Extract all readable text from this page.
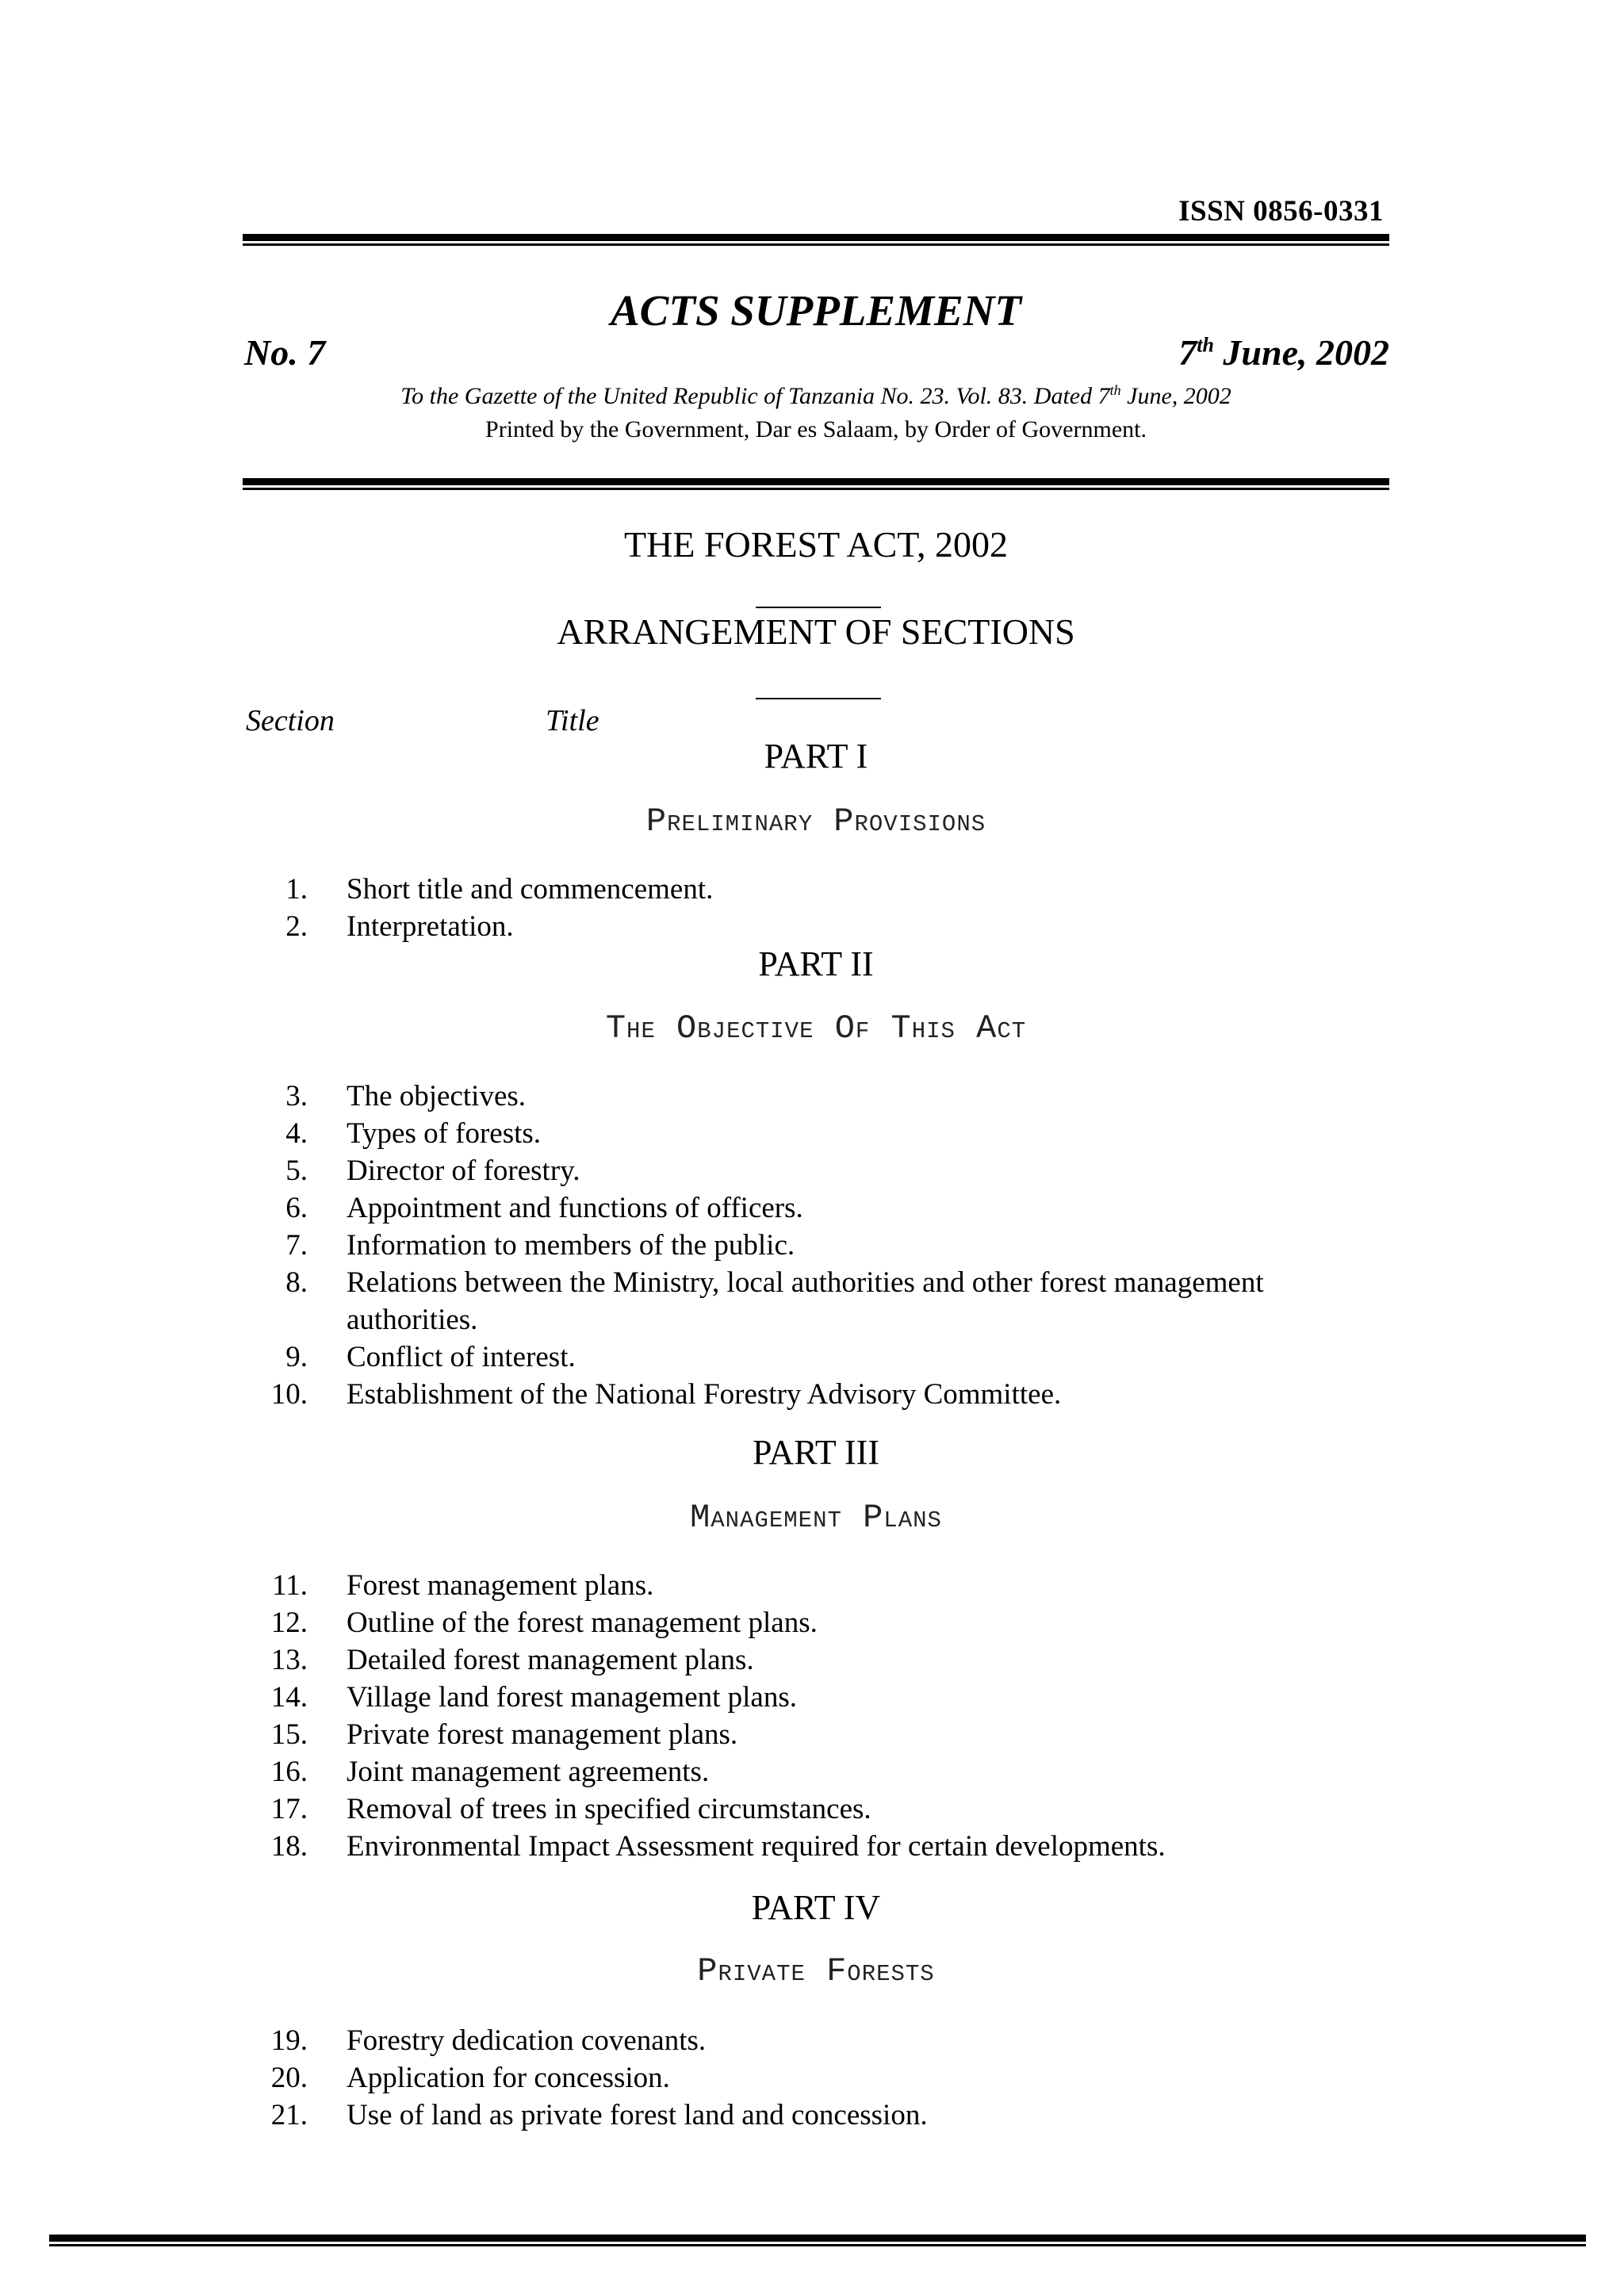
ISSN 0856-0331
ACTS SUPPLEMENT
No. 7	7th June, 2002
To the Gazette of the United Republic of Tanzania No. 23. Vol. 83. Dated 7th June, 2002
Printed by the Government, Dar es Salaam, by Order of Government.
THE FOREST ACT, 2002
ARRANGEMENT OF SECTIONS
Section	Title
PART I
Preliminary Provisions
1. Short title and commencement.
2. Interpretation.
PART II
The Objective Of This Act
3. The objectives.
4. Types of forests.
5. Director of forestry.
6. Appointment and functions of officers.
7. Information to members of the public.
8. Relations between the Ministry, local authorities and other forest management authorities.
9. Conflict of interest.
10. Establishment of the National Forestry Advisory Committee.
PART III
Management Plans
11. Forest management plans.
12. Outline of the forest management plans.
13. Detailed forest management plans.
14. Village land forest management plans.
15. Private forest management plans.
16. Joint management agreements.
17. Removal of trees in specified circumstances.
18. Environmental Impact Assessment required for certain developments.
PART IV
Private Forests
19. Forestry dedication covenants.
20. Application for concession.
21. Use of land as private forest land and concession.
